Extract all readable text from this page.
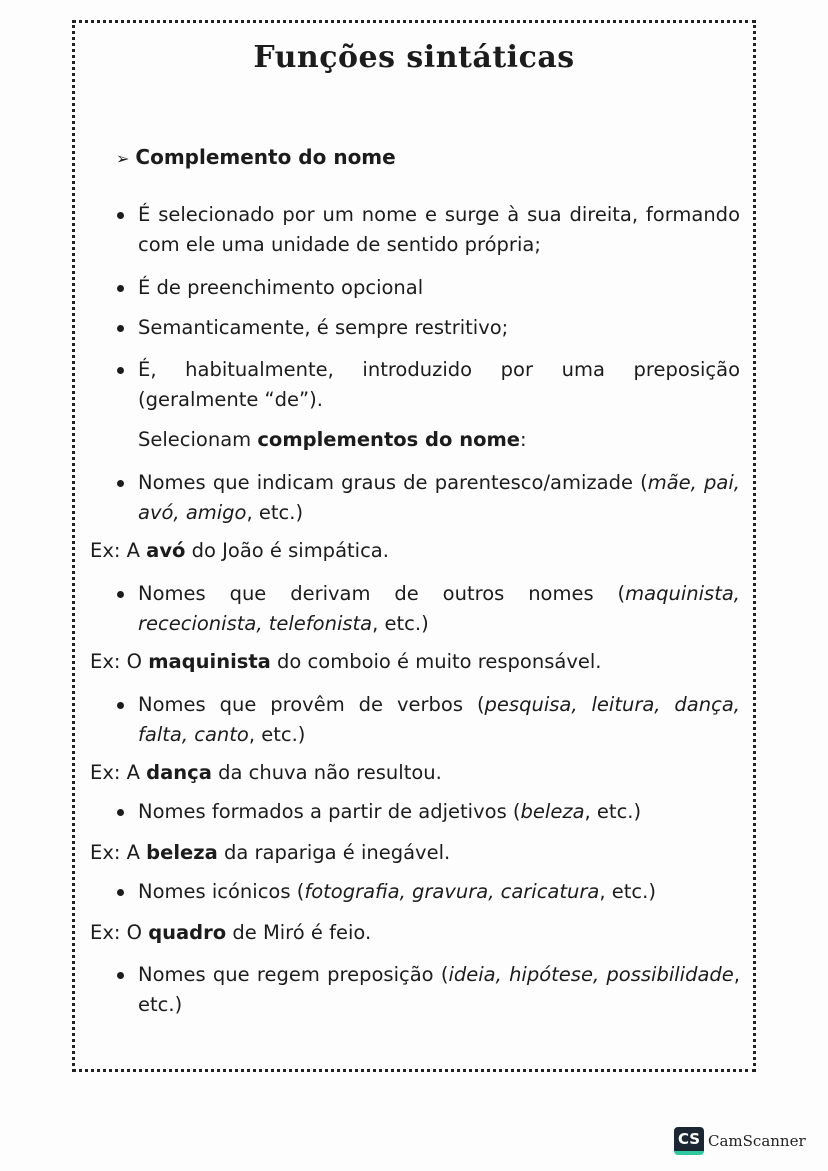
Funções sintáticas
➢ Complemento do nome
É selecionado por um nome e surge à sua direita, formando com ele uma unidade de sentido própria;
É de preenchimento opcional
Semanticamente, é sempre restritivo;
É, habitualmente, introduzido por uma preposição (geralmente “de”).
Selecionam complementos do nome:
Nomes que indicam graus de parentesco/amizade (mãe, pai, avó, amigo, etc.)
Ex: A avó do João é simpática.
Nomes que derivam de outros nomes (maquinista, rececionista, telefonista, etc.)
Ex: O maquinista do comboio é muito responsável.
Nomes que provêm de verbos (pesquisa, leitura, dança, falta, canto, etc.)
Ex: A dança da chuva não resultou.
Nomes formados a partir de adjetivos (beleza, etc.)
Ex: A beleza da rapariga é inegável.
Nomes icónicos (fotografia, gravura, caricatura, etc.)
Ex: O quadro de Miró é feio.
Nomes que regem preposição (ideia, hipótese, possibilidade, etc.)
CS CamScanner
